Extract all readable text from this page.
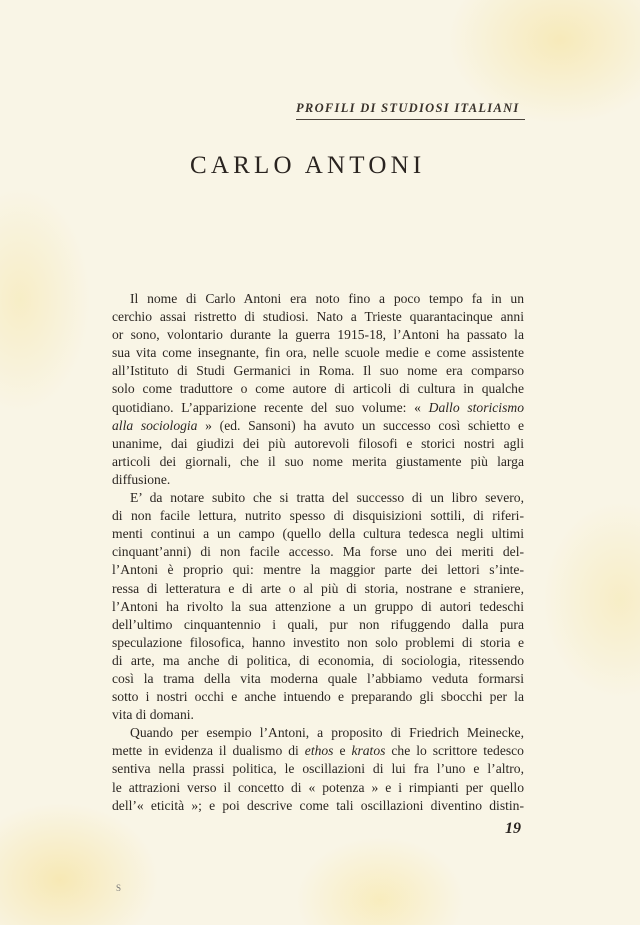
PROFILI DI STUDIOSI ITALIANI
CARLO ANTONI
Il nome di Carlo Antoni era noto fino a poco tempo fa in un
cerchio assai ristretto di studiosi. Nato a Trieste quarantacinque anni
or sono, volontario durante la guerra 1915-18, l’Antoni ha passato la
sua vita come insegnante, fin ora, nelle scuole medie e come assistente
all’Istituto di Studi Germanici in Roma. Il suo nome era comparso
solo come traduttore o come autore di articoli di cultura in qualche
quotidiano. L’apparizione recente del suo volume: « Dallo storicismo
alla sociologia » (ed. Sansoni) ha avuto un successo così schietto e
unanime, dai giudizi dei più autorevoli filosofi e storici nostri agli
articoli dei giornali, che il suo nome merita giustamente più larga
diffusione.
E’ da notare subito che si tratta del successo di un libro severo,
di non facile lettura, nutrito spesso di disquisizioni sottili, di riferi-
menti continui a un campo (quello della cultura tedesca negli ultimi
cinquant’anni) di non facile accesso. Ma forse uno dei meriti del-
l’Antoni è proprio qui: mentre la maggior parte dei lettori s’inte-
ressa di letteratura e di arte o al più di storia, nostrane e straniere,
l’Antoni ha rivolto la sua attenzione a un gruppo di autori tedeschi
dell’ultimo cinquantennio i quali, pur non rifuggendo dalla pura
speculazione filosofica, hanno investito non solo problemi di storia e
di arte, ma anche di politica, di economia, di sociologia, ritessendo
così la trama della vita moderna quale l’abbiamo veduta formarsi
sotto i nostri occhi e anche intuendo e preparando gli sbocchi per la
vita di domani.
Quando per esempio l’Antoni, a proposito di Friedrich Meinecke,
mette in evidenza il dualismo di ethos e kratos che lo scrittore tedesco
sentiva nella prassi politica, le oscillazioni di lui fra l’uno e l’altro,
le attrazioni verso il concetto di « potenza » e i rimpianti per quello
dell’« eticità »; e poi descrive come tali oscillazioni diventino distin-
19
S
